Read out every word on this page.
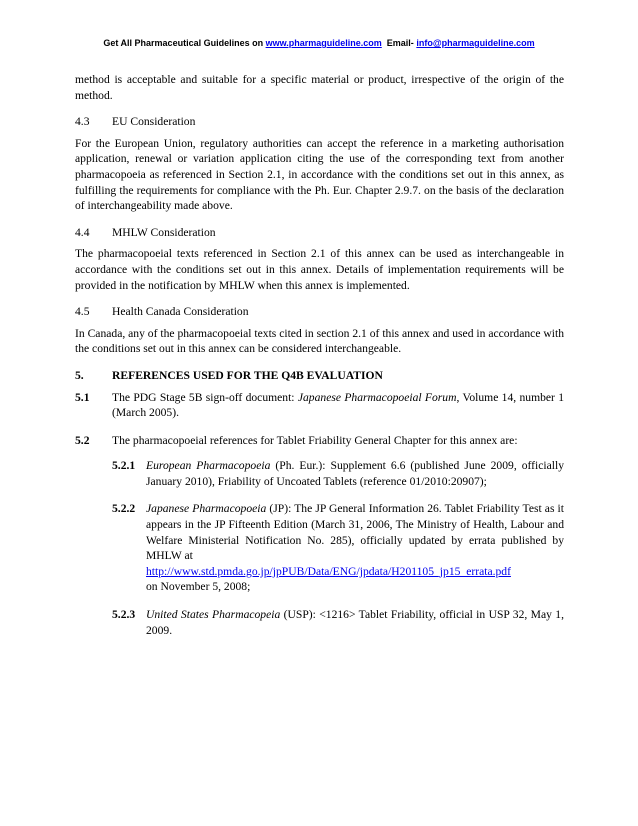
Get All Pharmaceutical Guidelines on www.pharmaguideline.com Email- info@pharmaguideline.com

method is acceptable and suitable for a specific material or product, irrespective of the origin of the method.

4.3	EU Consideration

For the European Union, regulatory authorities can accept the reference in a marketing authorisation application, renewal or variation application citing the use of the corresponding text from another pharmacopoeia as referenced in Section 2.1, in accordance with the conditions set out in this annex, as fulfilling the requirements for compliance with the Ph. Eur. Chapter 2.9.7. on the basis of the declaration of interchangeability made above.

4.4	MHLW Consideration

The pharmacopoeial texts referenced in Section 2.1 of this annex can be used as interchangeable in accordance with the conditions set out in this annex. Details of implementation requirements will be provided in the notification by MHLW when this annex is implemented.

4.5	Health Canada Consideration

In Canada, any of the pharmacopoeial texts cited in section 2.1 of this annex and used in accordance with the conditions set out in this annex can be considered interchangeable.

5.	REFERENCES USED FOR THE Q4B EVALUATION
5.1	The PDG Stage 5B sign-off document: Japanese Pharmacopoeial Forum, Volume 14, number 1 (March 2005).
5.2	The pharmacopoeial references for Tablet Friability General Chapter for this annex are:
5.2.1 European Pharmacopoeia (Ph. Eur.): Supplement 6.6 (published June 2009, officially January 2010), Friability of Uncoated Tablets (reference 01/2010:20907);
5.2.2 Japanese Pharmacopoeia (JP): The JP General Information 26. Tablet Friability Test as it appears in the JP Fifteenth Edition (March 31, 2006, The Ministry of Health, Labour and Welfare Ministerial Notification No. 285), officially updated by errata published by MHLW at
http://www.std.pmda.go.jp/jpPUB/Data/ENG/jpdata/H201105_jp15_errata.pdf
on November 5, 2008;
5.2.3 United States Pharmacopeia (USP): <1216> Tablet Friability, official in USP 32, May 1, 2009.
